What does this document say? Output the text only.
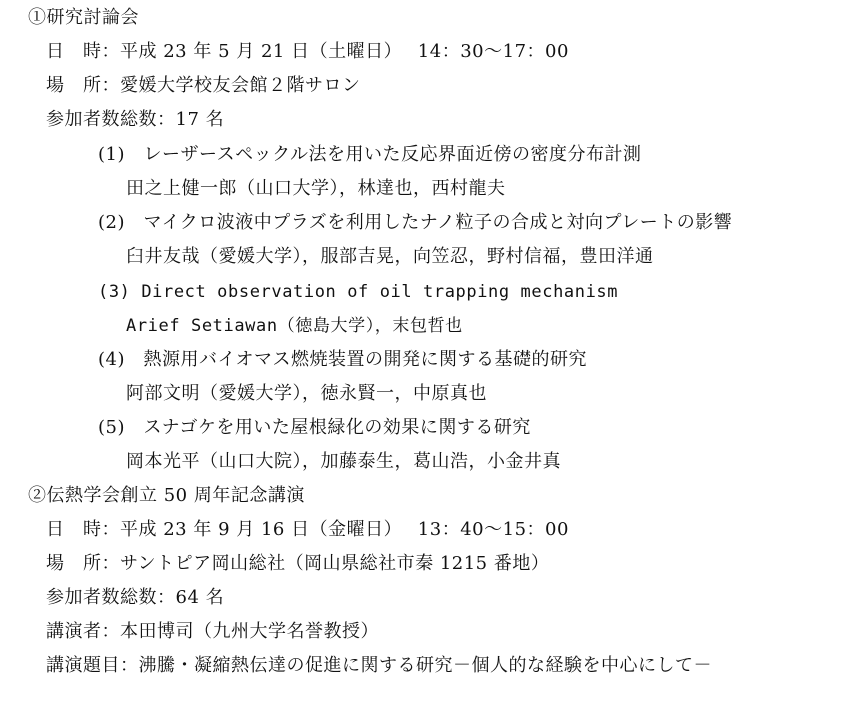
①研究討論会
日　時：平成 23 年 5 月 21 日（土曜日）　 14：30〜17：00
場　所：愛媛大学校友会館２階サロン
参加者数総数：17 名
(1)　レーザースペックル法を用いた反応界面近傍の密度分布計測
田之上健一郎（山口大学），林達也，西村龍夫
(2)　マイクロ波液中プラズを利用したナノ粒子の合成と対向プレートの影響
臼井友哉（愛媛大学），服部吉晃，向笠忍，野村信福，豊田洋通
(3) Direct observation of oil trapping mechanism
Arief Setiawan（徳島大学），末包哲也
(4)　熱源用バイオマス燃焼装置の開発に関する基礎的研究
阿部文明（愛媛大学），徳永賢一，中原真也
(5)　スナゴケを用いた屋根緑化の効果に関する研究
岡本光平（山口大院），加藤泰生，葛山浩，小金井真
②伝熱学会創立 50 周年記念講演
日　時：平成 23 年 9 月 16 日（金曜日）　 13：40〜15：00
場　所：サントピア岡山総社（岡山県総社市秦 1215 番地）
参加者数総数：64 名
講演者：本田博司（九州大学名誉教授）
講演題目：沸騰・凝縮熱伝達の促進に関する研究－個人的な経験を中心にして－
